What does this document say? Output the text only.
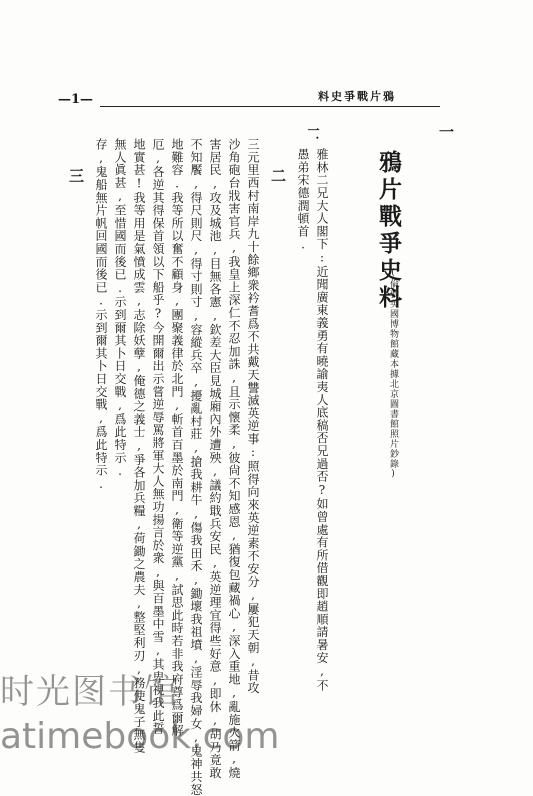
料史爭戰片鴉
—1—
一
鴉片戰爭史料
(倫敦英國博物館藏本據北京圖書館照片鈔錄)
一．
雅林二兄大人閣下:近聞廣東義勇有曉諭夷人底稿否兄過否?如曾處有所借觀即趙順請暑安,不
愚弟宋德潤頓首.
二
三元里西村南岸九十餘鄉衆衿耆爲不共戴天讐滅英逆事:照得向來英逆素不安分,屢犯天朝,昔攻
沙角砲台戕害官兵,我皇上深仁不忍加誅,且示懷柔,彼尙不知感恩,猶復包藏禍心,深入重地,亂施火箭,燒
害居民,攻及城池,目無各憲,欽差大臣見城廂內外遭殃,議約戢兵安民,英逆理宜得些好意,即休,胡乃竟敢
不知饜,得尺則尺,得寸則寸,容縱兵卒,擾亂村莊,搶我耕牛,傷我田禾,鋤壞我祖墳,淫辱我婦女,鬼神共怒
地難容.我等所以奮不顧身,團聚義律於北門,斬首百墨於南門,衛等逆黨,試思此時若非我府尊爲爾解
厄,各逆其得保首領以下船乎?今開爾出示嘗逆辱罵將軍大人無功揚言於衆,與百墨中雪,其卑視我此誓
地實甚!我等用是氣憤成雲,志除妖孽,俺德之義士,爭各加兵糧,荷鋤之農夫,整堅利刃,務使鬼子無隻
無人眞甚,至惜國而後已.示到爾其卜日交戰,爲此特示.
存,鬼船無片帆回國而後已.示到爾其卜日交戰,爲此特示.
三
时光图书馆
atimebook.com
